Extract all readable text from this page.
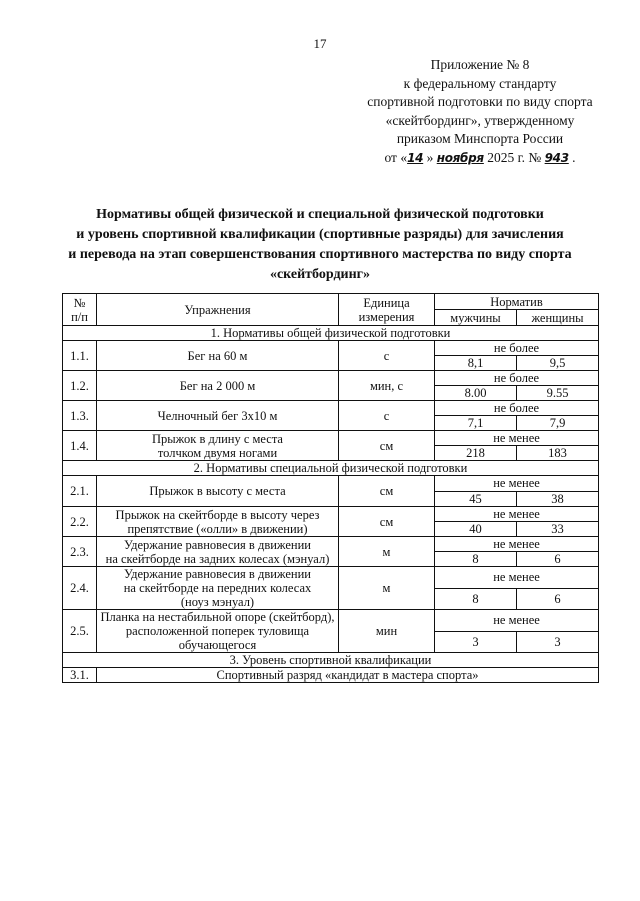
17
Приложение № 8
к федеральному стандарту
спортивной подготовки по виду спорта
«скейтбординг», утвержденному
приказом Минспорта России
от «14 » ноября 2025 г. № 943 .
Нормативы общей физической и специальной физической подготовки
и уровень спортивной квалификации (спортивные разряды) для зачисления
и перевода на этап совершенствования спортивного мастерства по виду спорта
«скейтбординг»
№
п/п	Упражнения	Единица
измерения	Норматив	
			мужчины	женщины
1. Нормативы общей физической подготовки				
1.1.	Бег на 60 м	с	не более	
			8,1	9,5
1.2.	Бег на 2 000 м	мин, с	не более	
			8.00	9.55
1.3.	Челночный бег 3х10 м	с	не более	
			7,1	7,9
1.4.	Прыжок в длину с места
толчком двумя ногами	см	не менее	
			218	183
2. Нормативы специальной физической подготовки				
2.1.	Прыжок в высоту с места	см	не менее	
			45	38
2.2.	Прыжок на скейтборде в высоту через
препятствие («олли» в движении)	см	не менее	
			40	33
2.3.	Удержание равновесия в движении
на скейтборде на задних колесах (мэнуал)	м	не менее	
			8	6
2.4.	Удержание равновесия в движении
на скейтборде на передних колесах
(ноуз мэнуал)	м	не менее	
			8	6
2.5.	Планка на нестабильной опоре (скейтборд),
расположенной поперек туловища
обучающегося	мин	не менее	
			3	3
3. Уровень спортивной квалификации				
3.1.	Спортивный разряд «кандидат в мастера спорта»			
